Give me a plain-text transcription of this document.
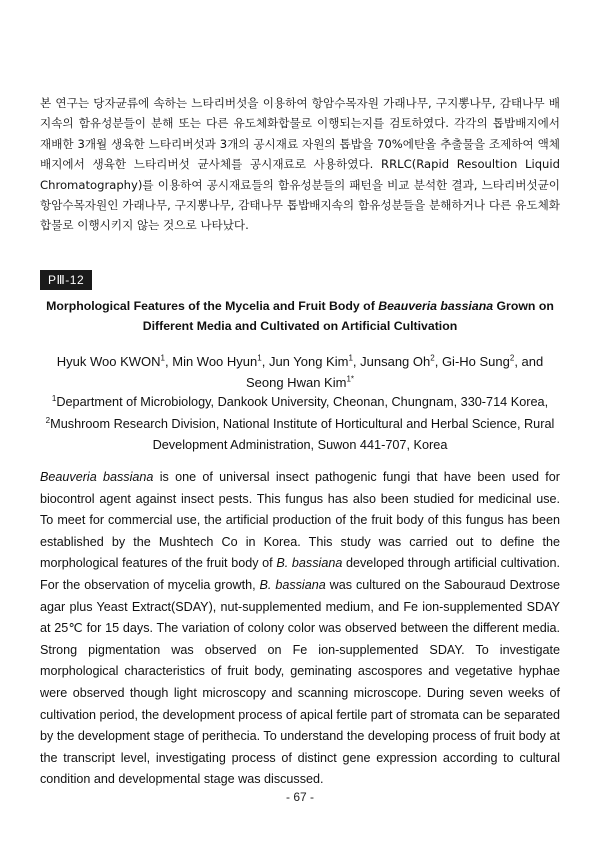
본 연구는 당자균류에 속하는 느타리버섯을 이용하여 항암수목자원 가래나무, 구지뽕나무, 감태나무 배지속의 함유성분들이 분해 또는 다른 유도체화합물로 이행되는지를 검토하였다. 각각의 톱밥배지에서 재배한 3개월 생육한 느타리버섯과 3개의 공시재료 자원의 톱밥을 70%에탄올 추출물을 조제하여 액체배지에서 생육한 느타리버섯 균사체를 공시재료로 사용하였다. RRLC(Rapid Resoultion Liquid Chromatography)를 이용하여 공시재료들의 함유성분들의 패턴을 비교 분석한 결과, 느타리버섯균이 항암수목자원인 가래나무, 구지뽕나무, 감태나무 톱밥배지속의 함유성분들을 분해하거나 다른 유도체화합물로 이행시키지 않는 것으로 나타났다.

PⅢ-12

Morphological Features of the Mycelia and Fruit Body of Beauveria bassiana Grown on Different Media and Cultivated on Artificial Cultivation

Hyuk Woo KWON$^1$, Min Woo Hyun$^1$, Jun Yong Kim$^1$, Junsang Oh$^2$, Gi-Ho Sung$^2$, and Seong Hwan Kim$^{1*}$

$^1$Department of Microbiology, Dankook University, Cheonan, Chungnam, 330-714 Korea,
$^2$Mushroom Research Division, National Institute of Horticultural and Herbal Science, Rural Development Administration, Suwon 441-707, Korea

Beauveria bassiana is one of universal insect pathogenic fungi that have been used for biocontrol agent against insect pests. This fungus has also been studied for medicinal use. To meet for commercial use, the artificial production of the fruit body of this fungus has been established by the Mushtech Co in Korea. This study was carried out to define the morphological features of the fruit body of B. bassiana developed through artificial cultivation. For the observation of mycelia growth, B. bassiana was cultured on the Sabouraud Dextrose agar plus Yeast Extract(SDAY), nut-supplemented medium, and Fe ion-supplemented SDAY at 25℃ for 15 days. The variation of colony color was observed between the different media. Strong pigmentation was observed on Fe ion-supplemented SDAY. To investigate morphological characteristics of fruit body, geminating ascospores and vegetative hyphae were observed though light microscopy and scanning microscope. During seven weeks of cultivation period, the development process of apical fertile part of stromata can be separated by the development stage of perithecia. To understand the developing process of fruit body at the transcript level, investigating process of distinct gene expression according to cultural condition and developmental stage was discussed.

- 67 -
